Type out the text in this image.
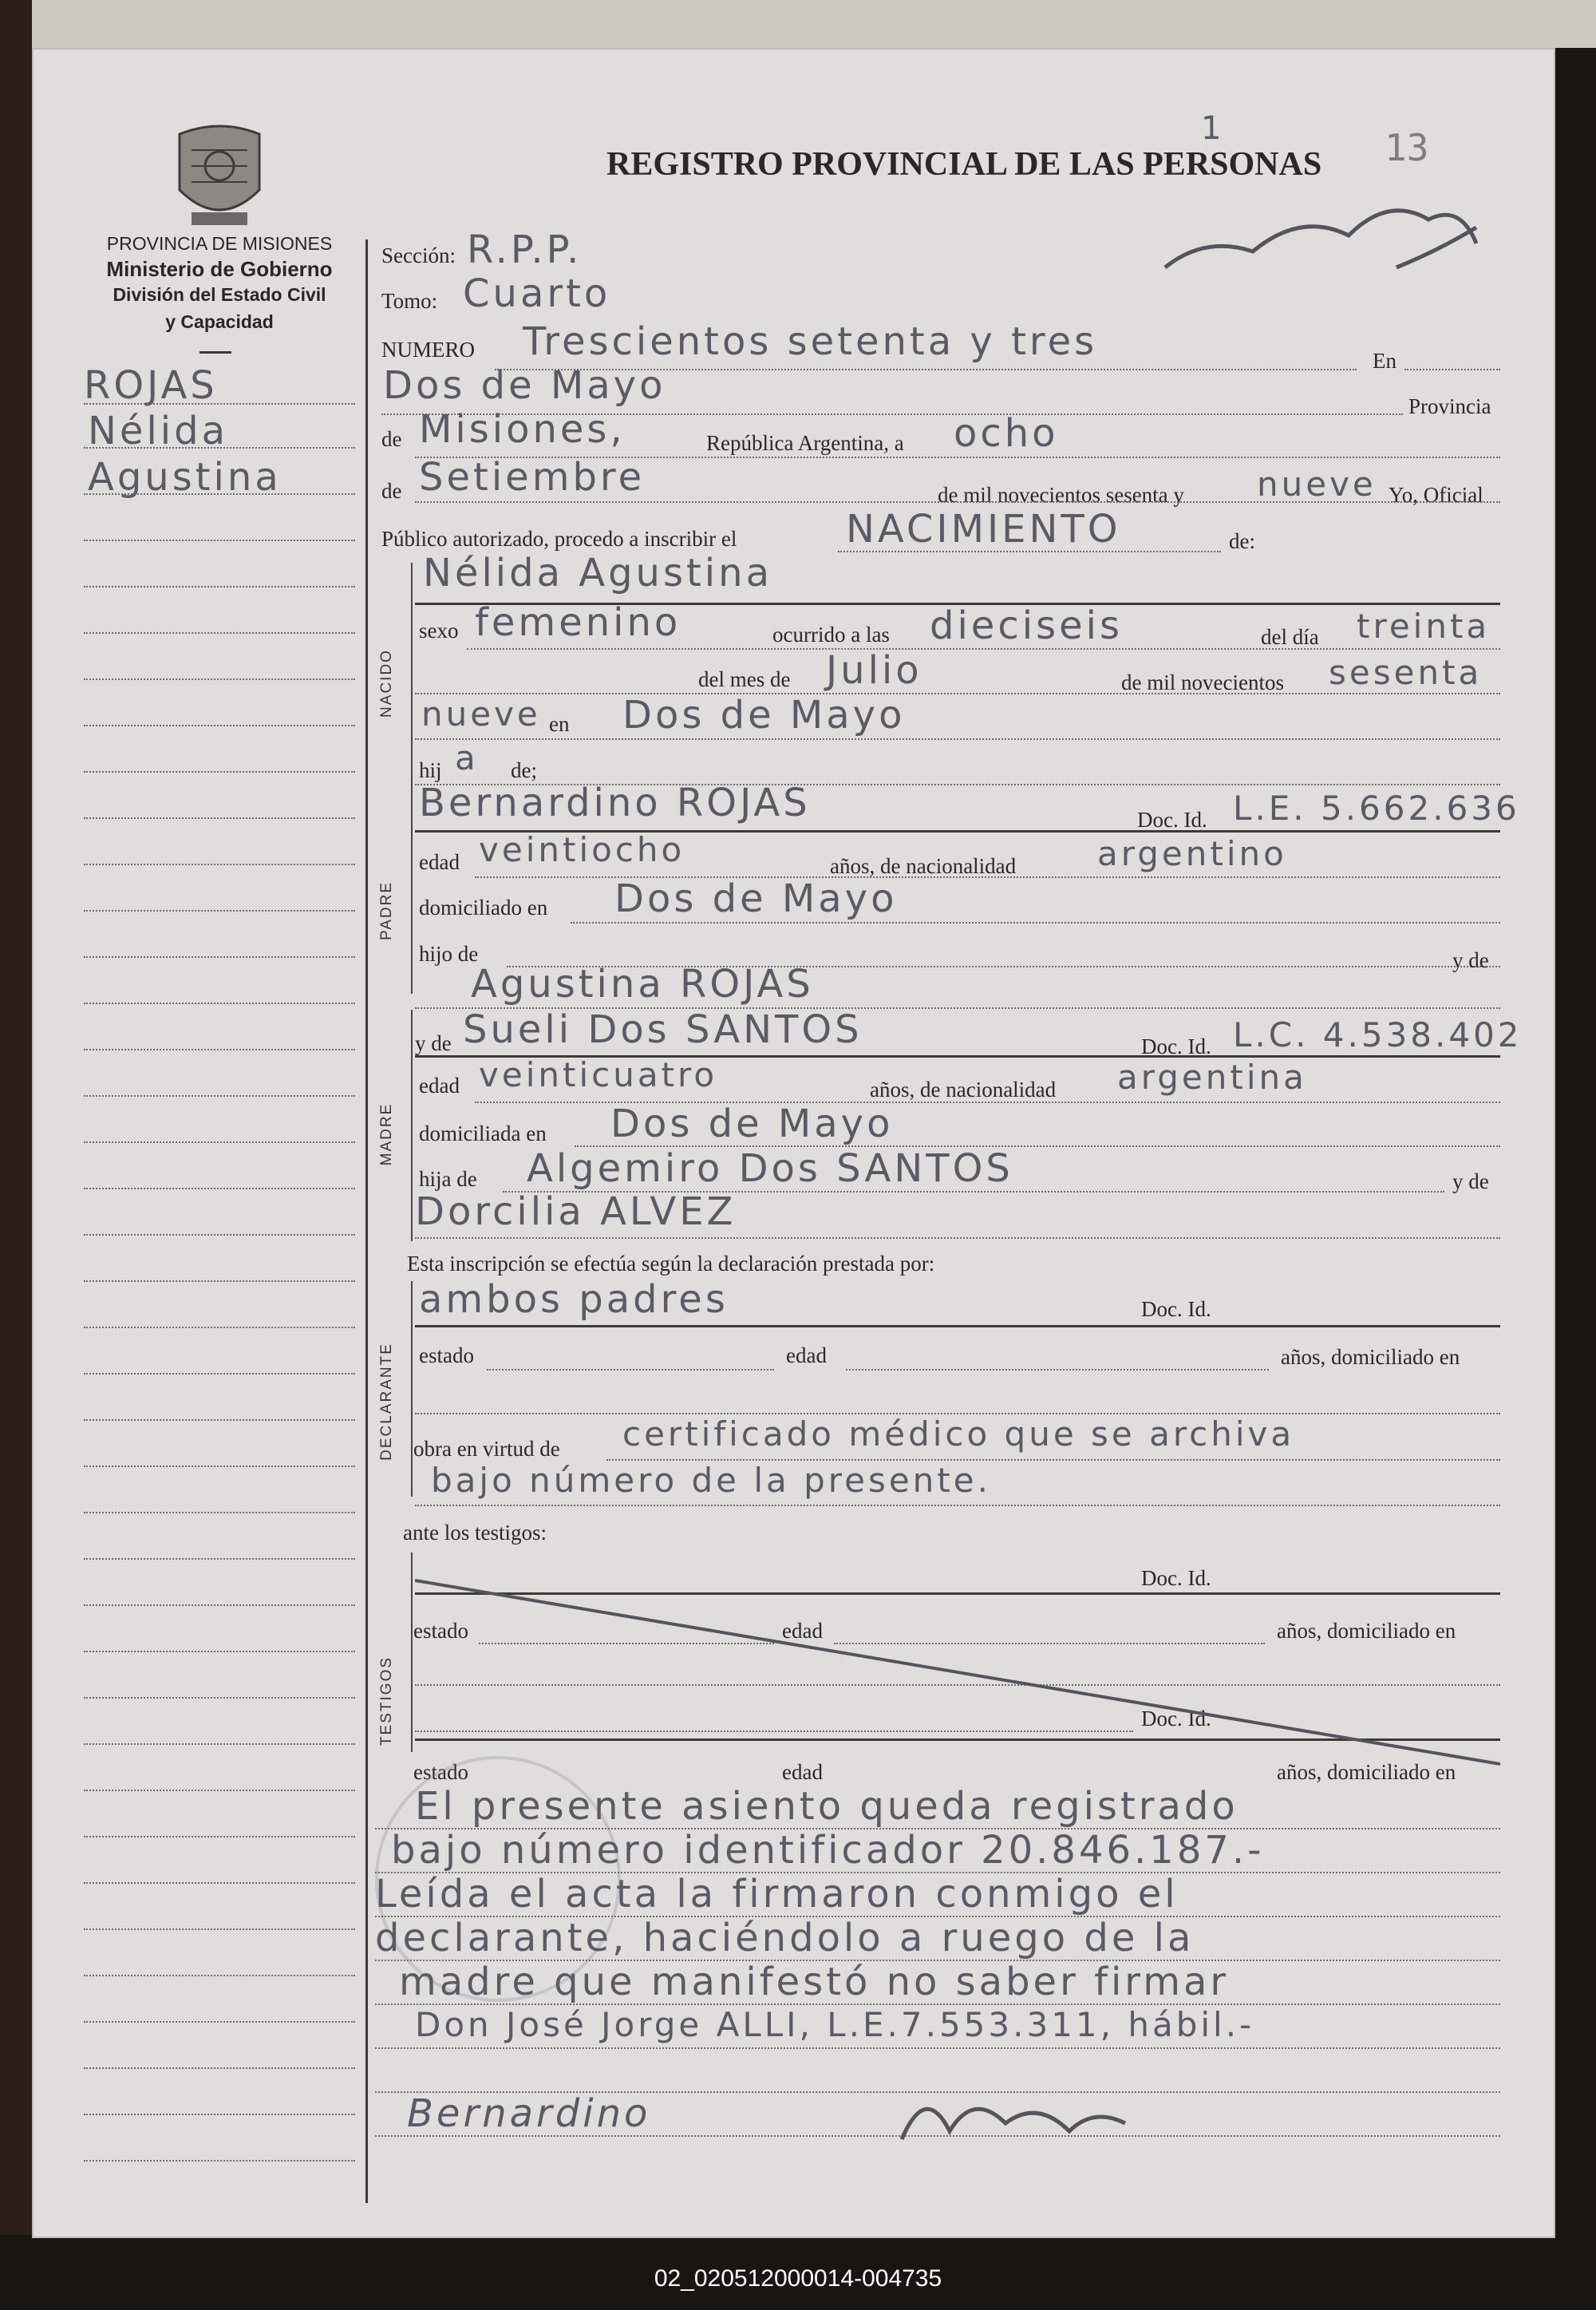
PROVINCIA DE MISIONES
Ministerio de Gobierno
División del Estado Civil
y Capacidad
ROJAS
Nélida
Agustina
REGISTRO PROVINCIAL DE LAS PERSONAS 13
1
Sección: R.P.P.
Tomo: Cuarto
NUMERO Trescientos setenta y tres	En
Dos de Mayo	Provincia
de Misiones,	República Argentina, a ocho
de Setiembre	de mil novecientos sesenta y nueve Yo, Oficial
Público autorizado, procedo a inscribir el	NACIMIENTO	de:
NACIDO
Nélida Agustina
sexo femenino	ocurrido a las dieciseis	del día treinta
del mes de Julio	de mil novecientos sesenta
nueve en Dos de Mayo
hij a de;
PADRE
Bernardino ROJAS	Doc. Id. L.E. 5.662.636
edad veintiocho	años, de nacionalidad argentino
domiciliado en Dos de Mayo
hijo de	y de
Agustina ROJAS
MADRE
y de Sueli Dos SANTOS	Doc. Id. L.C. 4.538.402
edad veinticuatro	años, de nacionalidad argentina
domiciliada en Dos de Mayo
hija de Algemiro Dos SANTOS	y de
Dorcilia ALVEZ
Esta inscripción se efectúa según la declaración prestada por:
DECLARANTE
ambos padres	Doc. Id.
estado	edad	años, domiciliado en
obra en virtud de certificado médico que se archiva
bajo número de la presente.
ante los testigos:
TESTIGOS
Doc. Id.
estado	edad	años, domiciliado en
Doc. Id.
estado	edad	años, domiciliado en
El presente asiento queda registrado
bajo número identificador 20.846.187.-
Leída el acta la firmaron conmigo el
declarante, haciéndolo a ruego de la
madre que manifestó no saber firmar
Don José Jorge ALLI, L.E.7.553.311, hábil.-
Bernardino
02_020512000014-004735
